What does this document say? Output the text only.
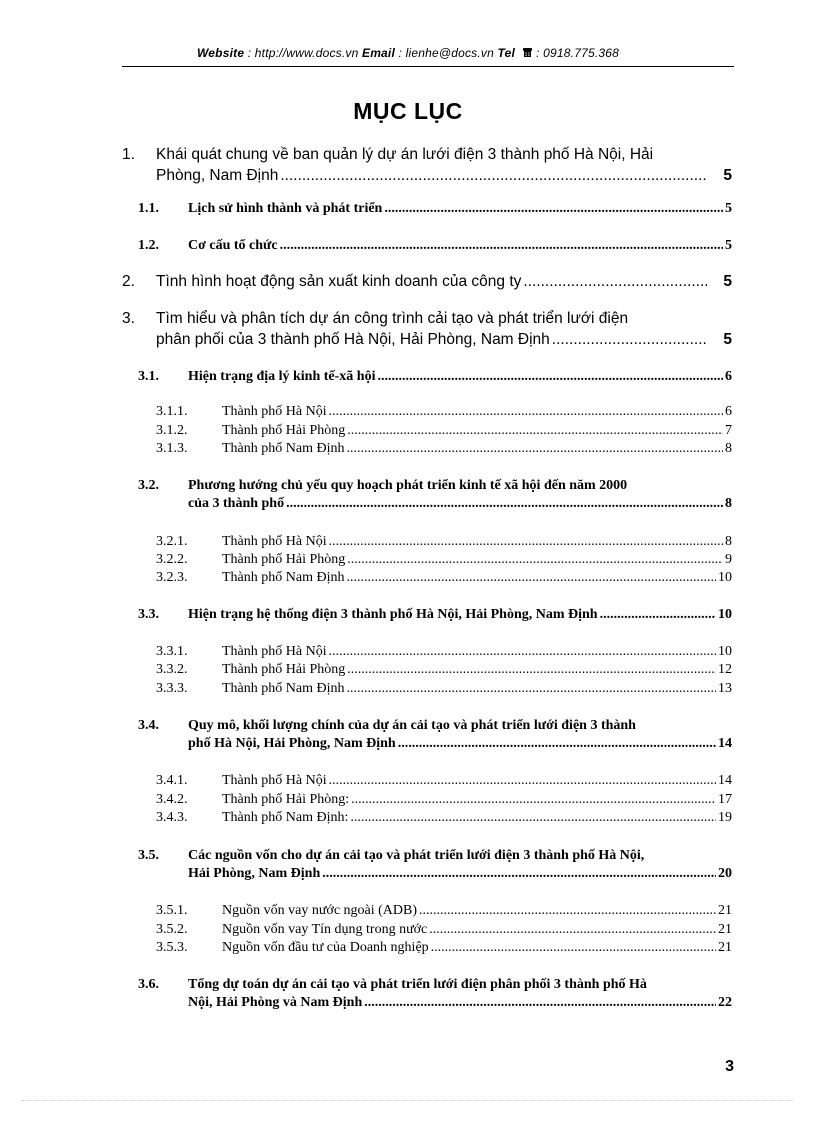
Website : http://www.docs.vn Email : lienhe@docs.vn Tel  : 0918.775.368
MỤC LỤC
1. Khái quát chung về ban quản lý dự án lưới điện 3 thành phố Hà Nội, Hải
Phòng, Nam Định .....	5
1.1. Lịch sử hình thành và phát triển .....	5
1.2. Cơ cấu tổ chức .....	5
2. Tình hình hoạt động sản xuất kinh doanh của công ty .....	5
3. Tìm hiểu và phân tích dự án công trình cải tạo và phát triển lưới điện
phân phối của 3 thành phố Hà Nội, Hải Phòng, Nam Định .....	5
3.1. Hiện trạng địa lý kinh tế-xã hội .....	6
3.1.1. Thành phố Hà Nội .....	6
3.1.2. Thành phố Hải Phòng .....	7
3.1.3. Thành phố Nam Định .....	8
3.2. Phương hướng chủ yếu quy hoạch phát triển kinh tế xã hội đến năm 2000
của 3 thành phố .....	8
3.2.1. Thành phố Hà Nội .....	8
3.2.2. Thành phố Hải Phòng .....	9
3.2.3. Thành phố Nam Định .....	10
3.3. Hiện trạng hệ thống điện 3 thành phố Hà Nội, Hải Phòng, Nam Định .....	10
3.3.1. Thành phố Hà Nội .....	10
3.3.2. Thành phố Hải Phòng .....	12
3.3.3. Thành phố Nam Định .....	13
3.4. Quy mô, khối lượng chính của dự án cải tạo và phát triển lưới điện 3 thành
phố Hà Nội, Hải Phòng, Nam Định .....	14
3.4.1. Thành phố Hà Nội .....	14
3.4.2. Thành phố Hải Phòng: .....	17
3.4.3. Thành phố Nam Định: .....	19
3.5. Các nguồn vốn cho dự án cải tạo và phát triển lưới điện 3 thành phố Hà Nội,
Hải Phòng, Nam Định .....	20
3.5.1. Nguồn vốn vay nước ngoài (ADB) .....	21
3.5.2. Nguồn vốn vay Tín dụng trong nước .....	21
3.5.3. Nguồn vốn đầu tư của Doanh nghiệp .....	21
3.6. Tổng dự toán dự án cải tạo và phát triển lưới điện phân phối 3 thành phố Hà
Nội, Hải Phòng và Nam Định .....	22
3
